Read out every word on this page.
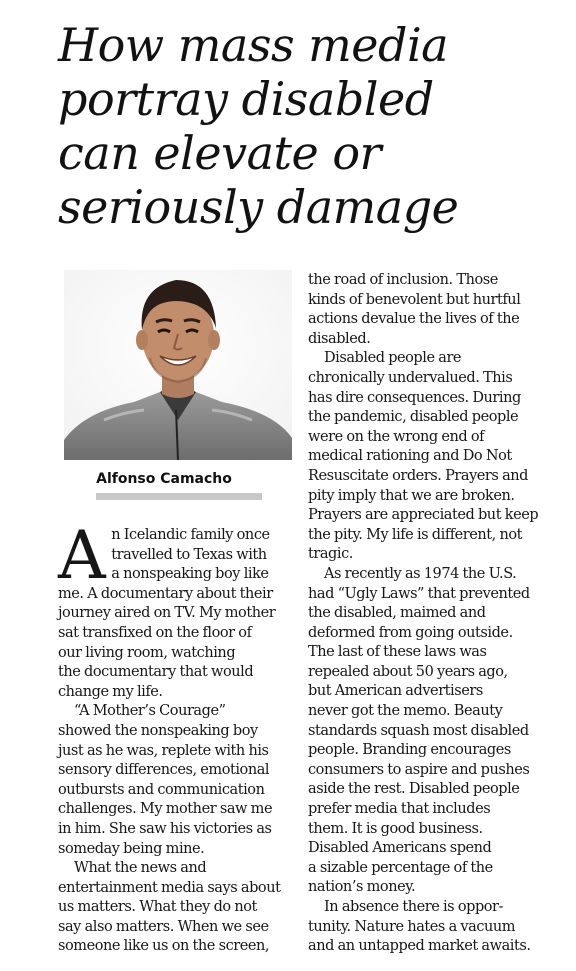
How mass media
portray disabled
can elevate or
seriously damage
Alfonso Camacho

A n Icelandic family once
travelled to Texas with
a nonspeaking boy like
me. A documentary about their
journey aired on TV. My mother
sat transfixed on the floor of
our living room, watching
the documentary that would
change my life.

“A Mother’s Courage”
showed the nonspeaking boy
just as he was, replete with his
sensory differences, emotional
outbursts and communication
challenges. My mother saw me
in him. She saw his victories as
someday being mine.

What the news and
entertainment media says about
us matters. What they do not
say also matters. When we see
someone like us on the screen,

the road of inclusion. Those
kinds of benevolent but hurtful
actions devalue the lives of the
disabled.

Disabled people are
chronically undervalued. This
has dire consequences. During
the pandemic, disabled people
were on the wrong end of
medical rationing and Do Not
Resuscitate orders. Prayers and
pity imply that we are broken.
Prayers are appreciated but keep
the pity. My life is different, not
tragic.

As recently as 1974 the U.S.
had “Ugly Laws” that prevented
the disabled, maimed and
deformed from going outside.
The last of these laws was
repealed about 50 years ago,
but American advertisers
never got the memo. Beauty
standards squash most disabled
people. Branding encourages
consumers to aspire and pushes
aside the rest. Disabled people
prefer media that includes
them. It is good business.
Disabled Americans spend
a sizable percentage of the
nation’s money.

In absence there is oppor-
tunity. Nature hates a vacuum
and an untapped market awaits.
